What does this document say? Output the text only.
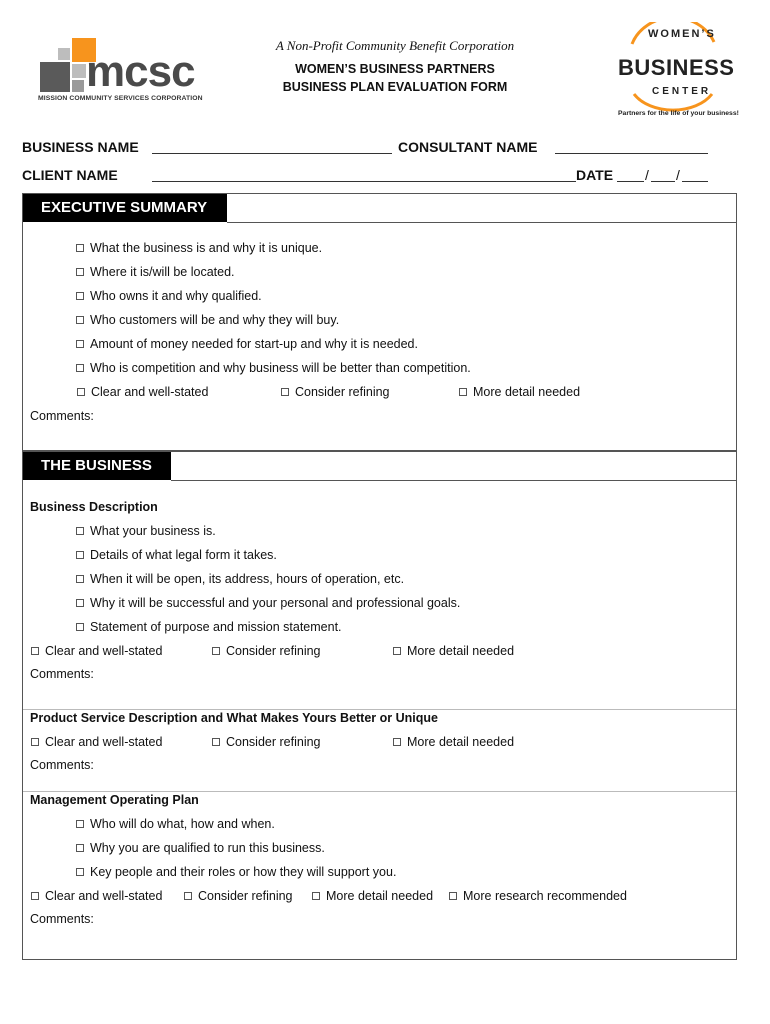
mcsc
MISSION COMMUNITY SERVICES CORPORATION
A Non-Profit Community Benefit Corporation
WOMEN’S BUSINESS PARTNERS
BUSINESS PLAN EVALUATION FORM
WOMEN’S
BUSINESS
CENTER
Partners for the life of your business!
BUSINESS NAME	CONSULTANT NAME
CLIENT NAME	DATE / /
EXECUTIVE SUMMARY
What the business is and why it is unique.
Where it is/will be located.
Who owns it and why qualified.
Who customers will be and why they will buy.
Amount of money needed for start-up and why it is needed.
Who is competition and why business will be better than competition.
Clear and well-stated	Consider refining	More detail needed
Comments:
THE BUSINESS
Business Description
What your business is.
Details of what legal form it takes.
When it will be open, its address, hours of operation, etc.
Why it will be successful and your personal and professional goals.
Statement of purpose and mission statement.
Clear and well-stated	Consider refining	More detail needed
Comments:
Product Service Description and What Makes Yours Better or Unique
Clear and well-stated	Consider refining	More detail needed
Comments:
Management Operating Plan
Who will do what, how and when.
Why you are qualified to run this business.
Key people and their roles or how they will support you.
Clear and well-stated	Consider refining	More detail needed	More research recommended
Comments:
